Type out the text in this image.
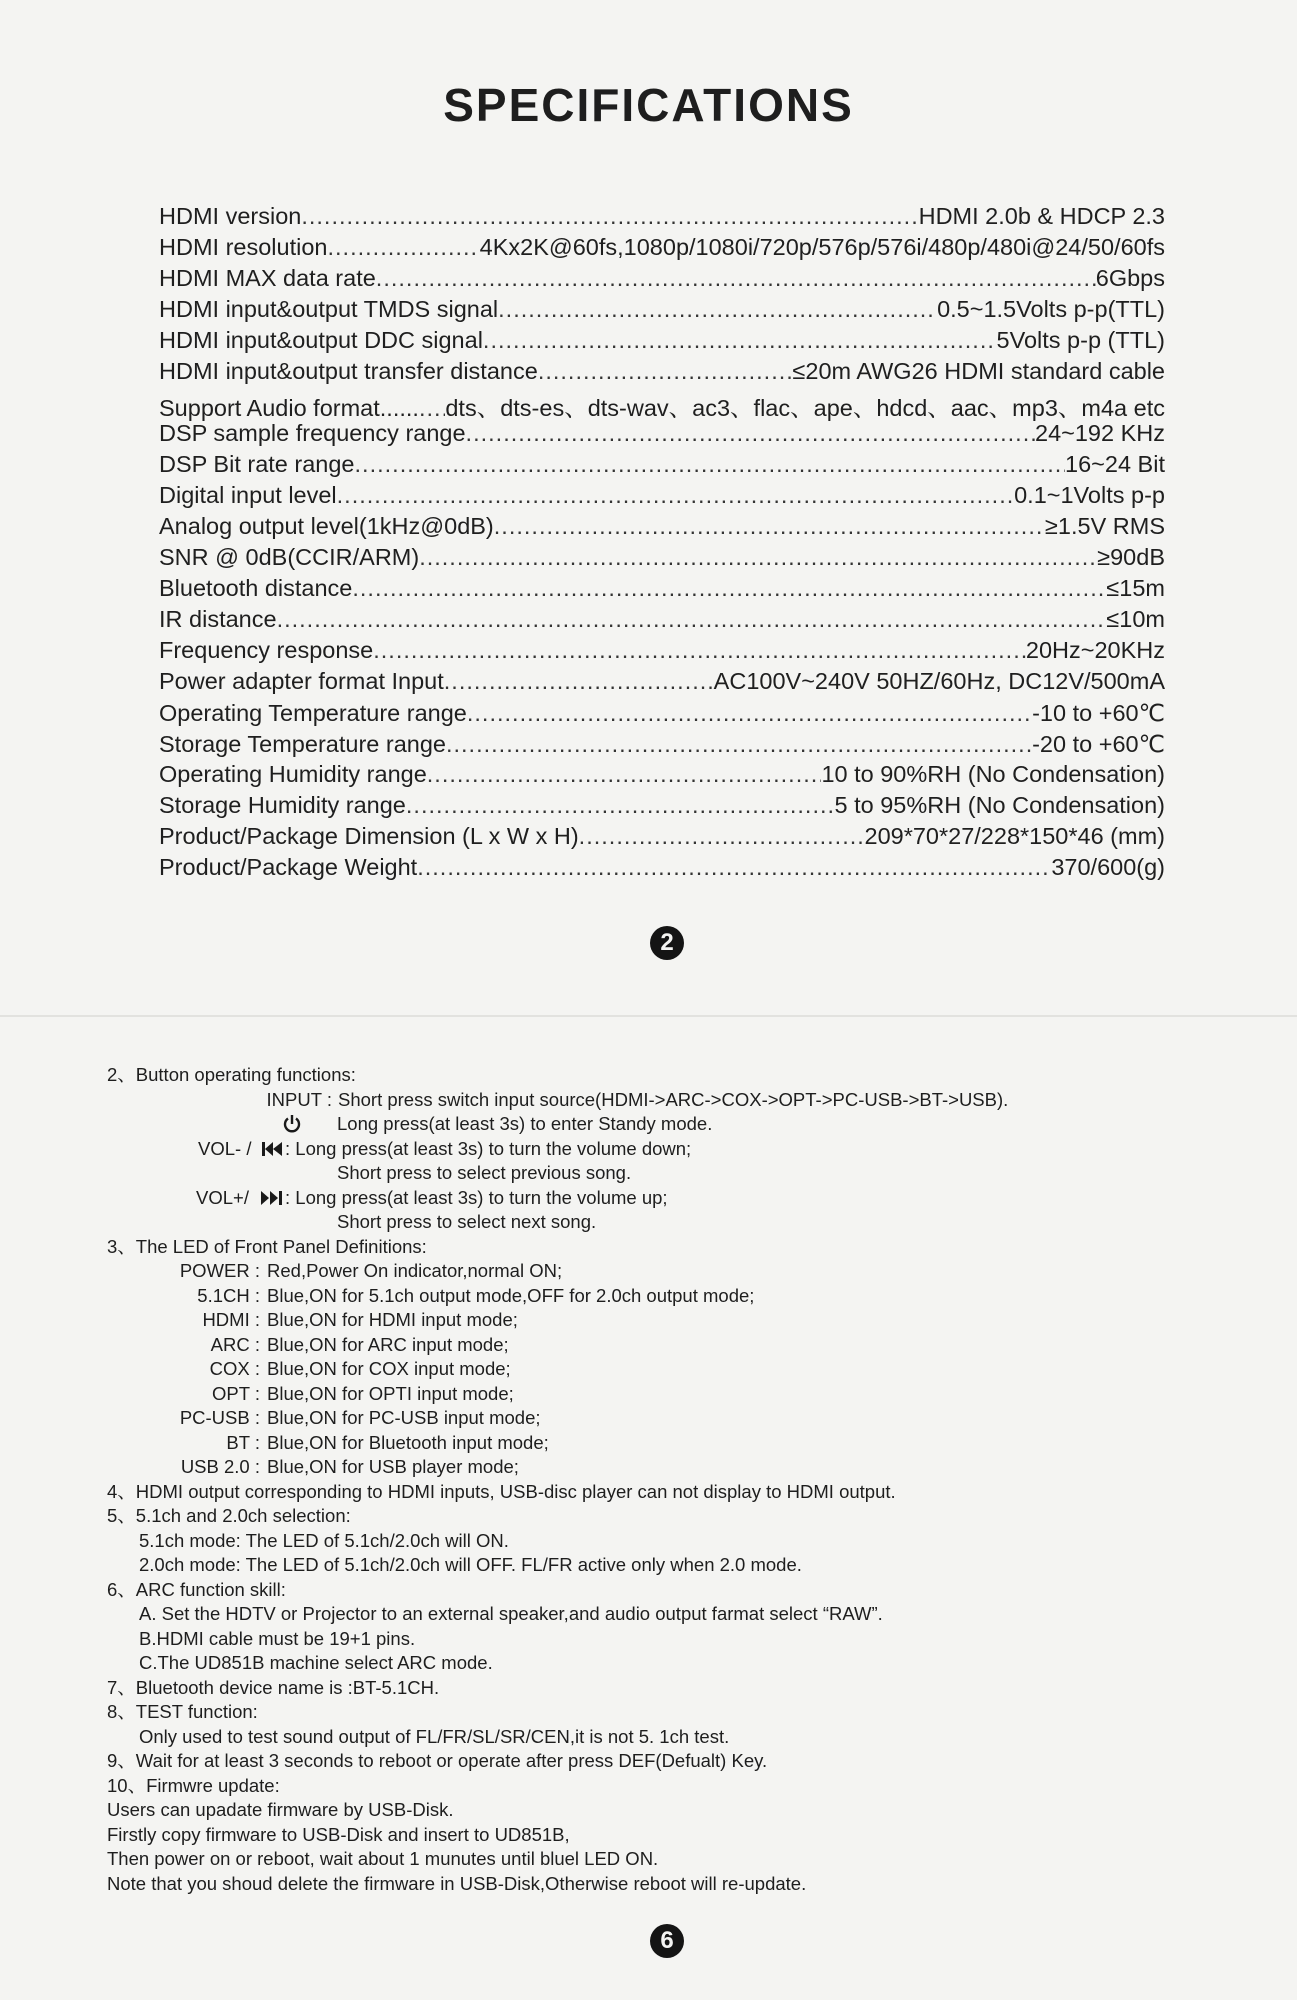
SPECIFICATIONS
HDMI version .....	HDMI 2.0b & HDCP 2.3
HDMI resolution .....	4Kx2K@60fs,1080p/1080i/720p/576p/576i/480p/480i@24/50/60fs
HDMI MAX data rate .....	6Gbps
HDMI input&output TMDS signal .....	0.5~1.5Volts p-p(TTL)
HDMI input&output DDC signal .....	5Volts p-p (TTL)
HDMI input&output transfer distance .....	≤20m AWG26 HDMI standard cable
Support Audio format...... ..... dts、dts-es、dts-wav、ac3、flac、ape、hdcd、aac、mp3、m4a etc
DSP sample frequency range .....	24~192 KHz
DSP Bit rate range .....	16~24 Bit
Digital input level .....	0.1~1Volts p-p
Analog output level(1kHz@0dB) .....	≥1.5V RMS
SNR @ 0dB(CCIR/ARM) .....	≥90dB
Bluetooth distance .....	≤15m
IR distance .....	≤10m
Frequency response .....	20Hz~20KHz
Power adapter format Input .....	AC100V~240V 50HZ/60Hz, DC12V/500mA
Operating Temperature range .....	-10 to +60℃
Storage Temperature range .....	-20 to +60℃
Operating Humidity range .....	10 to 90%RH (No Condensation)
Storage Humidity range .....	5 to 95%RH (No Condensation)
Product/Package Dimension (L x W x H) .....	209*70*27/228*150*46 (mm)
Product/Package Weight .....	370/600(g)
2
2、Button operating functions:
INPUT : Short press switch input source(HDMI->ARC->COX->OPT->PC-USB->BT->USB).
Long press(at least 3s) to enter Standy mode.
VOL- / : Long press(at least 3s) to turn the volume down;
Short press to select previous song.
VOL+/ : Long press(at least 3s) to turn the volume up;
Short press to select next song.
3、The LED of Front Panel Definitions:
POWER : Red,Power On indicator,normal ON;
5.1CH : Blue,ON for 5.1ch output mode,OFF for 2.0ch output mode;
HDMI : Blue,ON for HDMI input mode;
ARC : Blue,ON for ARC input mode;
COX : Blue,ON for COX input mode;
OPT : Blue,ON for OPTI input mode;
PC-USB : Blue,ON for PC-USB input mode;
BT : Blue,ON for Bluetooth input mode;
USB 2.0 : Blue,ON for USB player mode;
4、HDMI output corresponding to HDMI inputs, USB-disc player can not display to HDMI output.
5、5.1ch and 2.0ch selection:
5.1ch mode: The LED of 5.1ch/2.0ch will ON.
2.0ch mode: The LED of 5.1ch/2.0ch will OFF. FL/FR active only when 2.0 mode.
6、ARC function skill:
A. Set the HDTV or Projector to an external speaker,and audio output farmat select “RAW”.
B.HDMI cable must be 19+1 pins.
C.The UD851B machine select ARC mode.
7、Bluetooth device name is :BT-5.1CH.
8、TEST function:
Only used to test sound output of FL/FR/SL/SR/CEN,it is not 5. 1ch test.
9、Wait for at least 3 seconds to reboot or operate after press DEF(Defualt) Key.
10、Firmwre update:
Users can upadate firmware by USB-Disk.
Firstly copy firmware to USB-Disk and insert to UD851B,
Then power on or reboot, wait about 1 munutes until bluel LED ON.
Note that you shoud delete the firmware in USB-Disk,Otherwise reboot will re-update.
6
